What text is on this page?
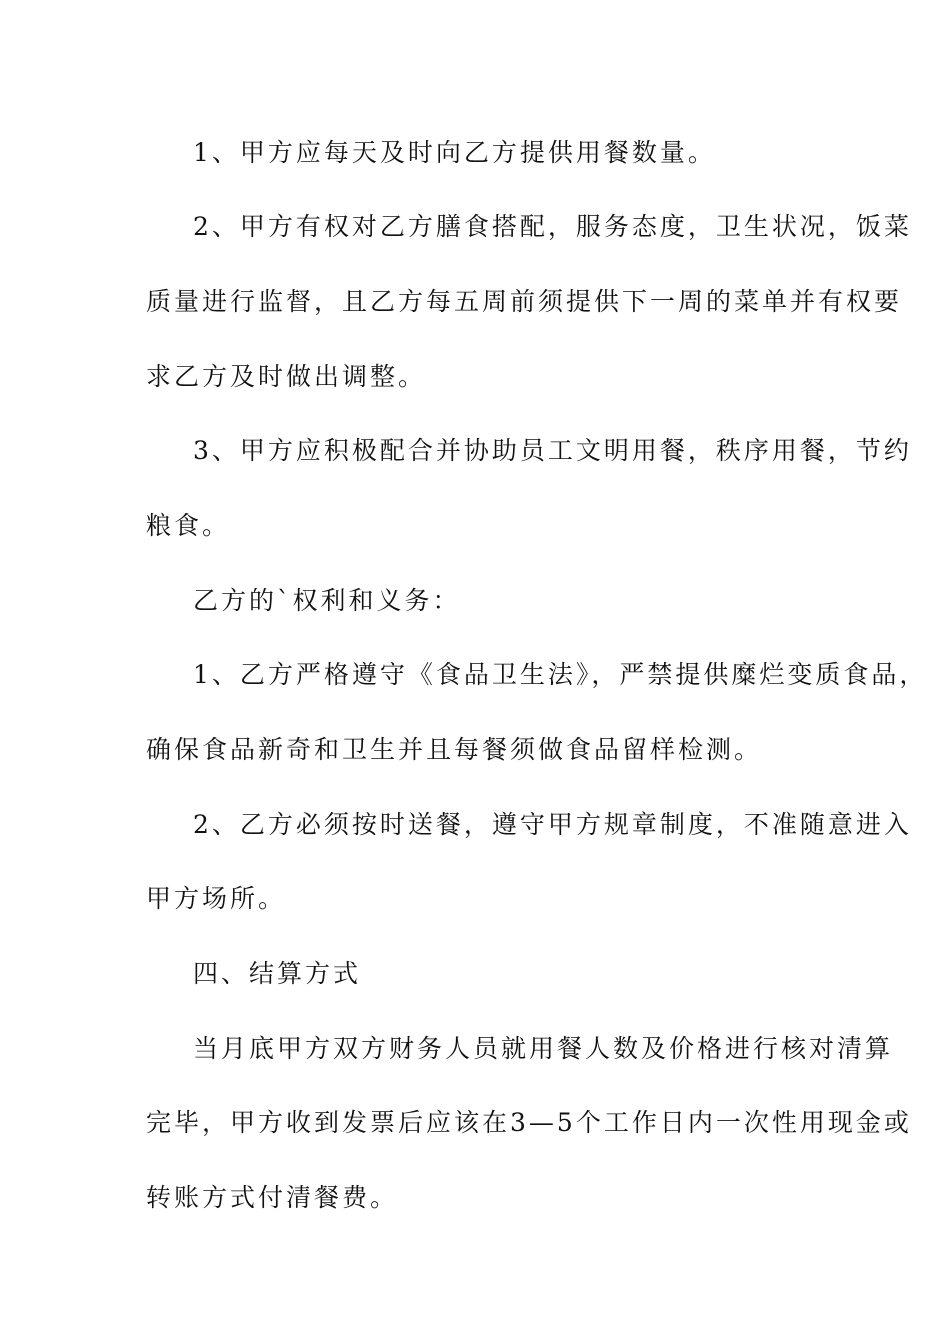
1、甲方应每天及时向乙方提供用餐数量。
2、甲方有权对乙方膳食搭配，服务态度，卫生状况，饭菜
质量进行监督，且乙方每五周前须提供下一周的菜单并有权要
求乙方及时做出调整。
3、甲方应积极配合并协助员工文明用餐，秩序用餐，节约
粮食。
乙方的`权利和义务：
1、乙方严格遵守《食品卫生法》，严禁提供糜烂变质食品，
确保食品新奇和卫生并且每餐须做食品留样检测。
2、乙方必须按时送餐，遵守甲方规章制度，不准随意进入
甲方场所。
四、结算方式
当月底甲方双方财务人员就用餐人数及价格进行核对清算
完毕，甲方收到发票后应该在3—5个工作日内一次性用现金或
转账方式付清餐费。
